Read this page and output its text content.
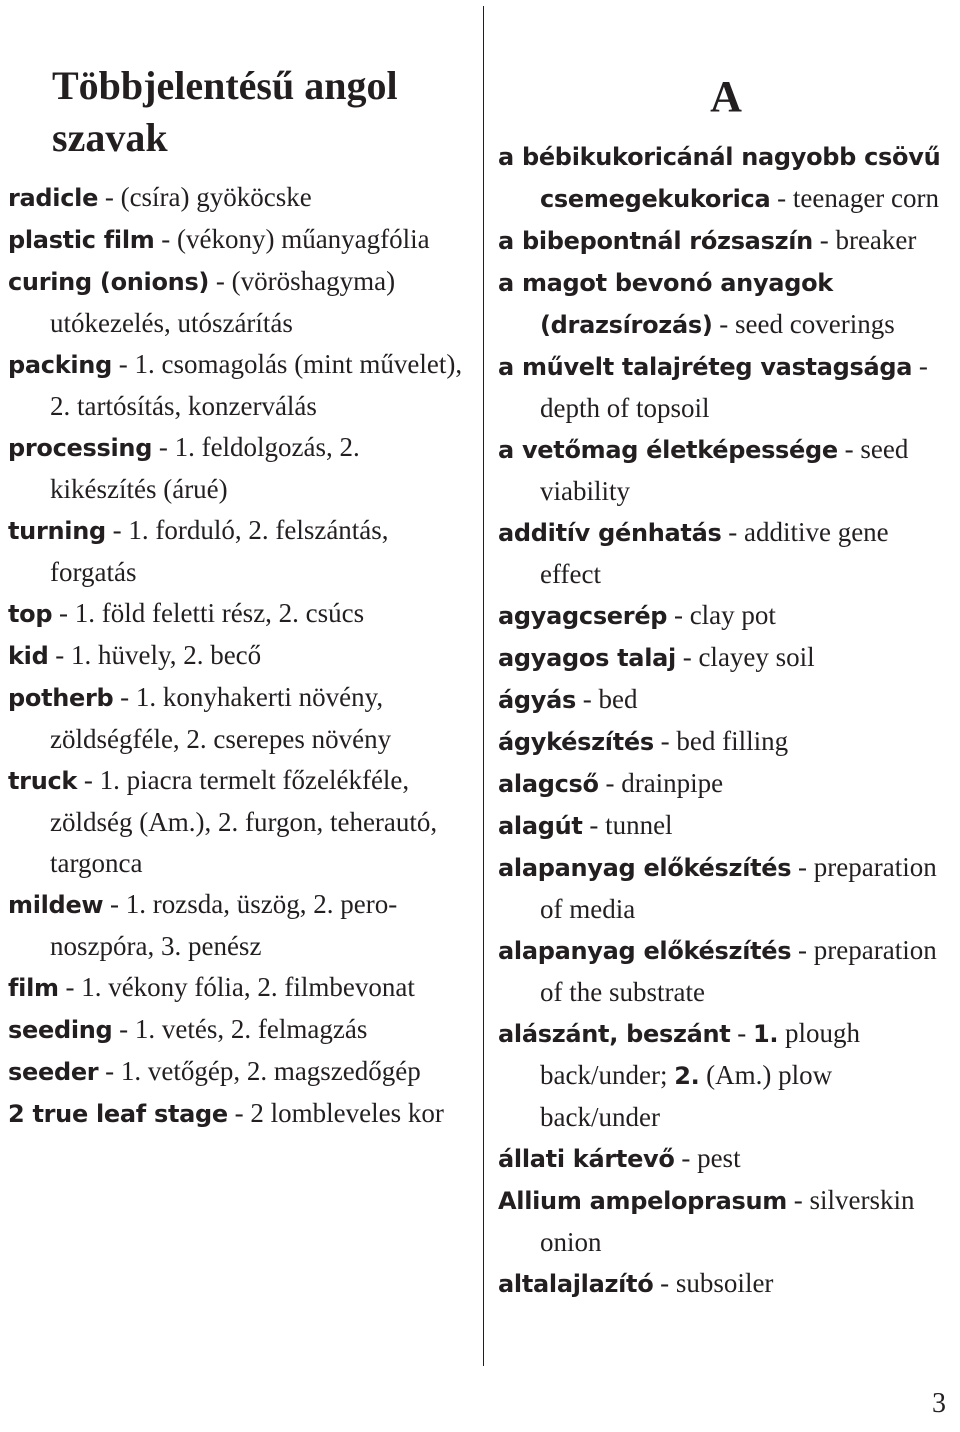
Többjelentésű angol szavak
radicle - (csíra) gyököcske
plastic film - (vékony) műanyagfólia
curing (onions) - (vöröshagyma) utókezelés, utószárítás
packing - 1. csomagolás (mint művelet), 2. tartósítás, konzerválás
processing - 1. feldolgozás, 2. kikészítés (árué)
turning - 1. forduló, 2. felszántás, forgatás
top - 1. föld feletti rész, 2. csúcs
kid - 1. hüvely, 2. becő
potherb - 1. konyhakerti növény, zöldségféle, 2. cserepes növény
truck - 1. piacra termelt főzelékféle, zöldség (Am.), 2. furgon, teherautó, targonca
mildew - 1. rozsda, üszög, 2. peronoszpóra, 3. penész
film - 1. vékony fólia, 2. filmbevonat
seeding - 1. vetés, 2. felmagzás
seeder - 1. vetőgép, 2. magszedőgép
2 true leaf stage - 2 lombleveles kor
A
a bébikukoricánál nagyobb csövű csemegekukorica - teenager corn
a bibepontnál rózsaszín - breaker
a magot bevonó anyagok (drazsírozás) - seed coverings
a művelt talajréteg vastagsága - depth of topsoil
a vetőmag életképessége - seed viability
additív génhatás - additive gene effect
agyagcserép - clay pot
agyagos talaj - clayey soil
ágyás - bed
ágykészítés - bed filling
alagcső - drainpipe
alagút - tunnel
alapanyag előkészítés - preparation of media
alapanyag előkészítés - preparation of the substrate
alászánt, beszánt - 1. plough back/under; 2. (Am.) plow back/under
állati kártevő - pest
Allium ampeloprasum - silverskin onion
altalajlazító - subsoiler
3
